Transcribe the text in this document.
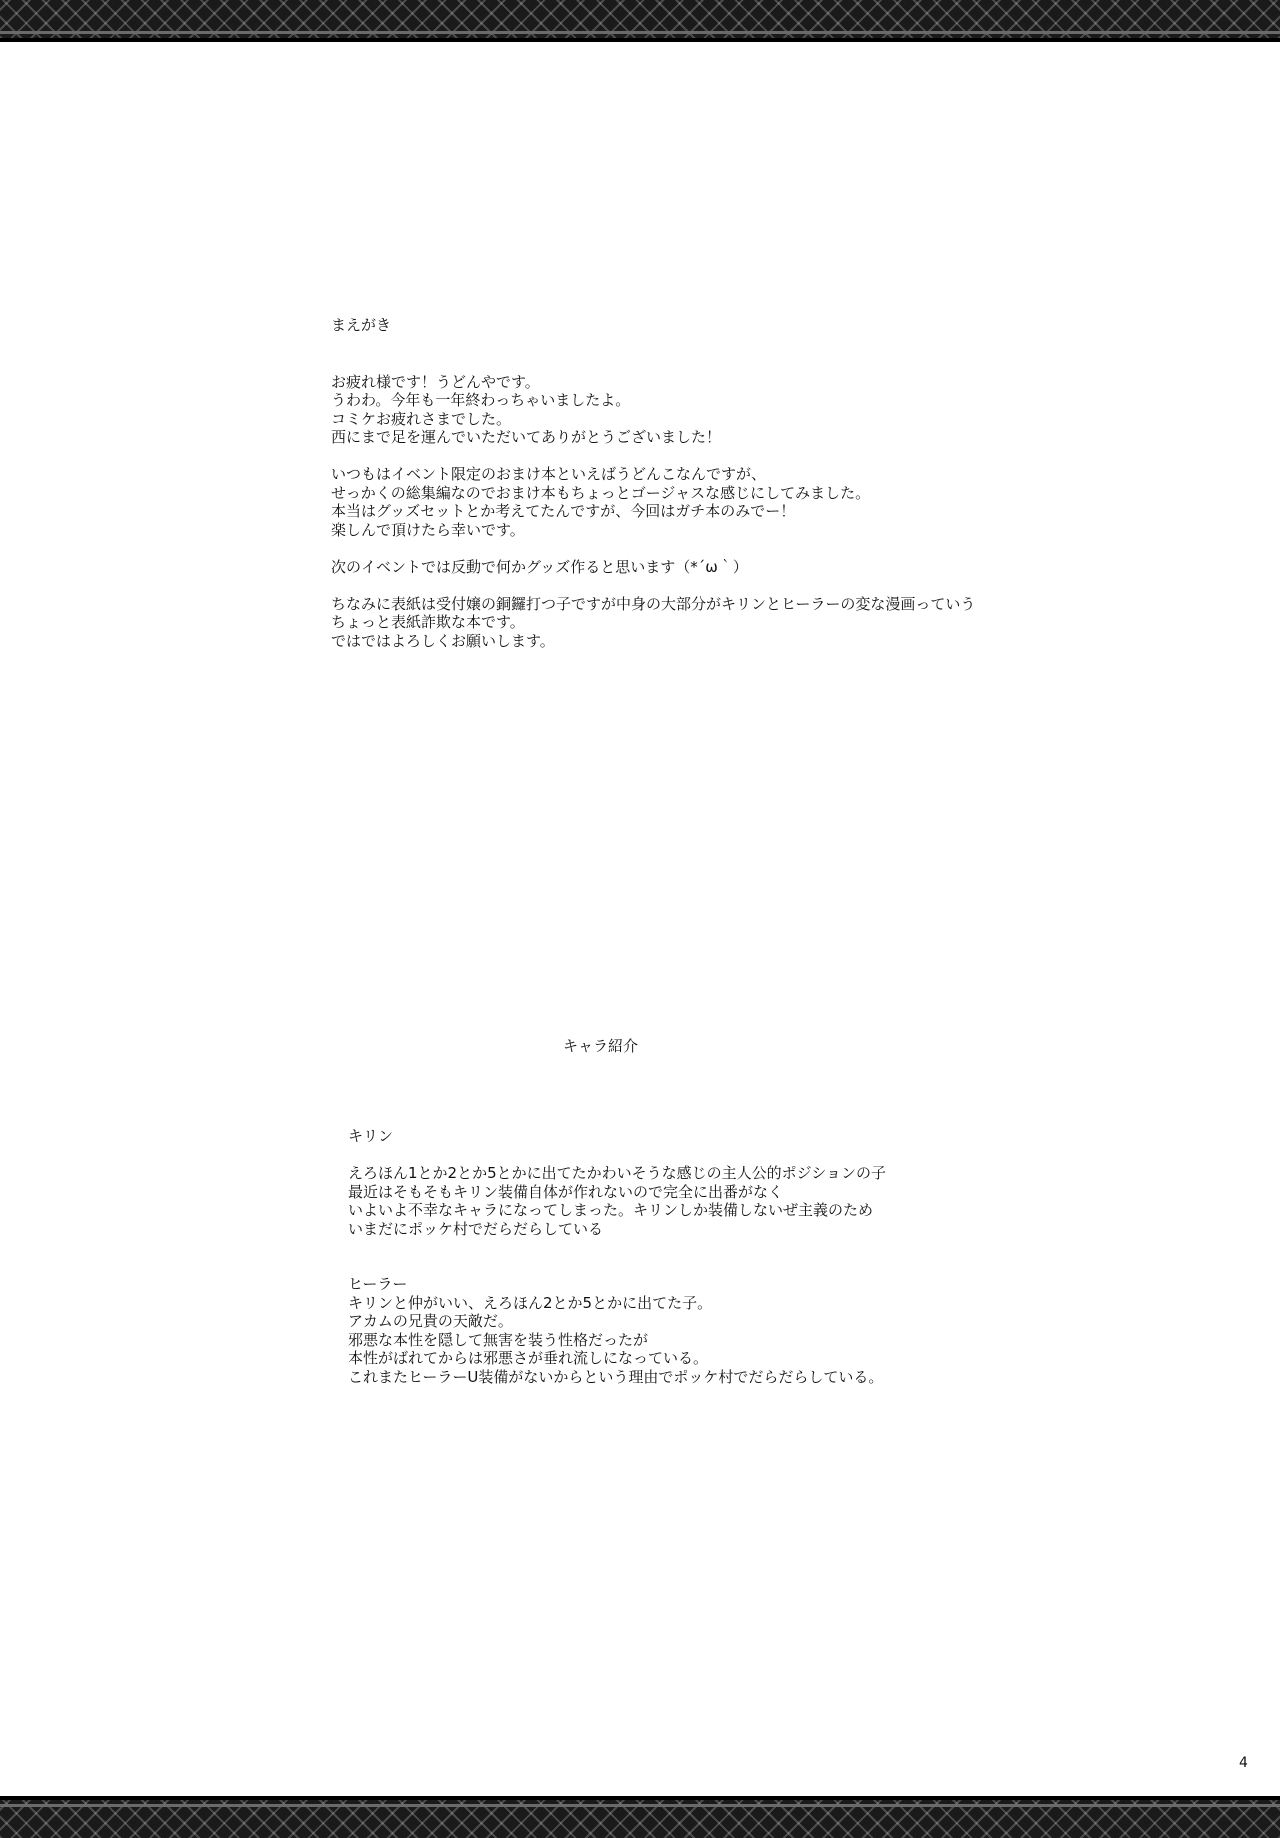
まえがき
お疲れ様です！うどんやです。
うわわ。今年も一年終わっちゃいましたよ。
コミケお疲れさまでした。
西にまで足を運んでいただいてありがとうございました！
いつもはイベント限定のおまけ本といえばうどんこなんですが、
せっかくの総集編なのでおまけ本もちょっとゴージャスな感じにしてみました。
本当はグッズセットとか考えてたんですが、今回はガチ本のみでー！
楽しんで頂けたら幸いです。
次のイベントでは反動で何かグッズ作ると思います（*´ω｀）
ちなみに表紙は受付嬢の銅鑼打つ子ですが中身の大部分がキリンとヒーラーの変な漫画っていう
ちょっと表紙詐欺な本です。
ではではよろしくお願いします。
キャラ紹介
キリン
えろほん1とか2とか5とかに出てたかわいそうな感じの主人公的ポジションの子
最近はそもそもキリン装備自体が作れないので完全に出番がなく
いよいよ不幸なキャラになってしまった。キリンしか装備しないぜ主義のため
いまだにポッケ村でだらだらしている
ヒーラー
キリンと仲がいい、えろほん2とか5とかに出てた子。
アカムの兄貴の天敵だ。
邪悪な本性を隠して無害を装う性格だったが
本性がばれてからは邪悪さが垂れ流しになっている。
これまたヒーラーU装備がないからという理由でポッケ村でだらだらしている。
4
